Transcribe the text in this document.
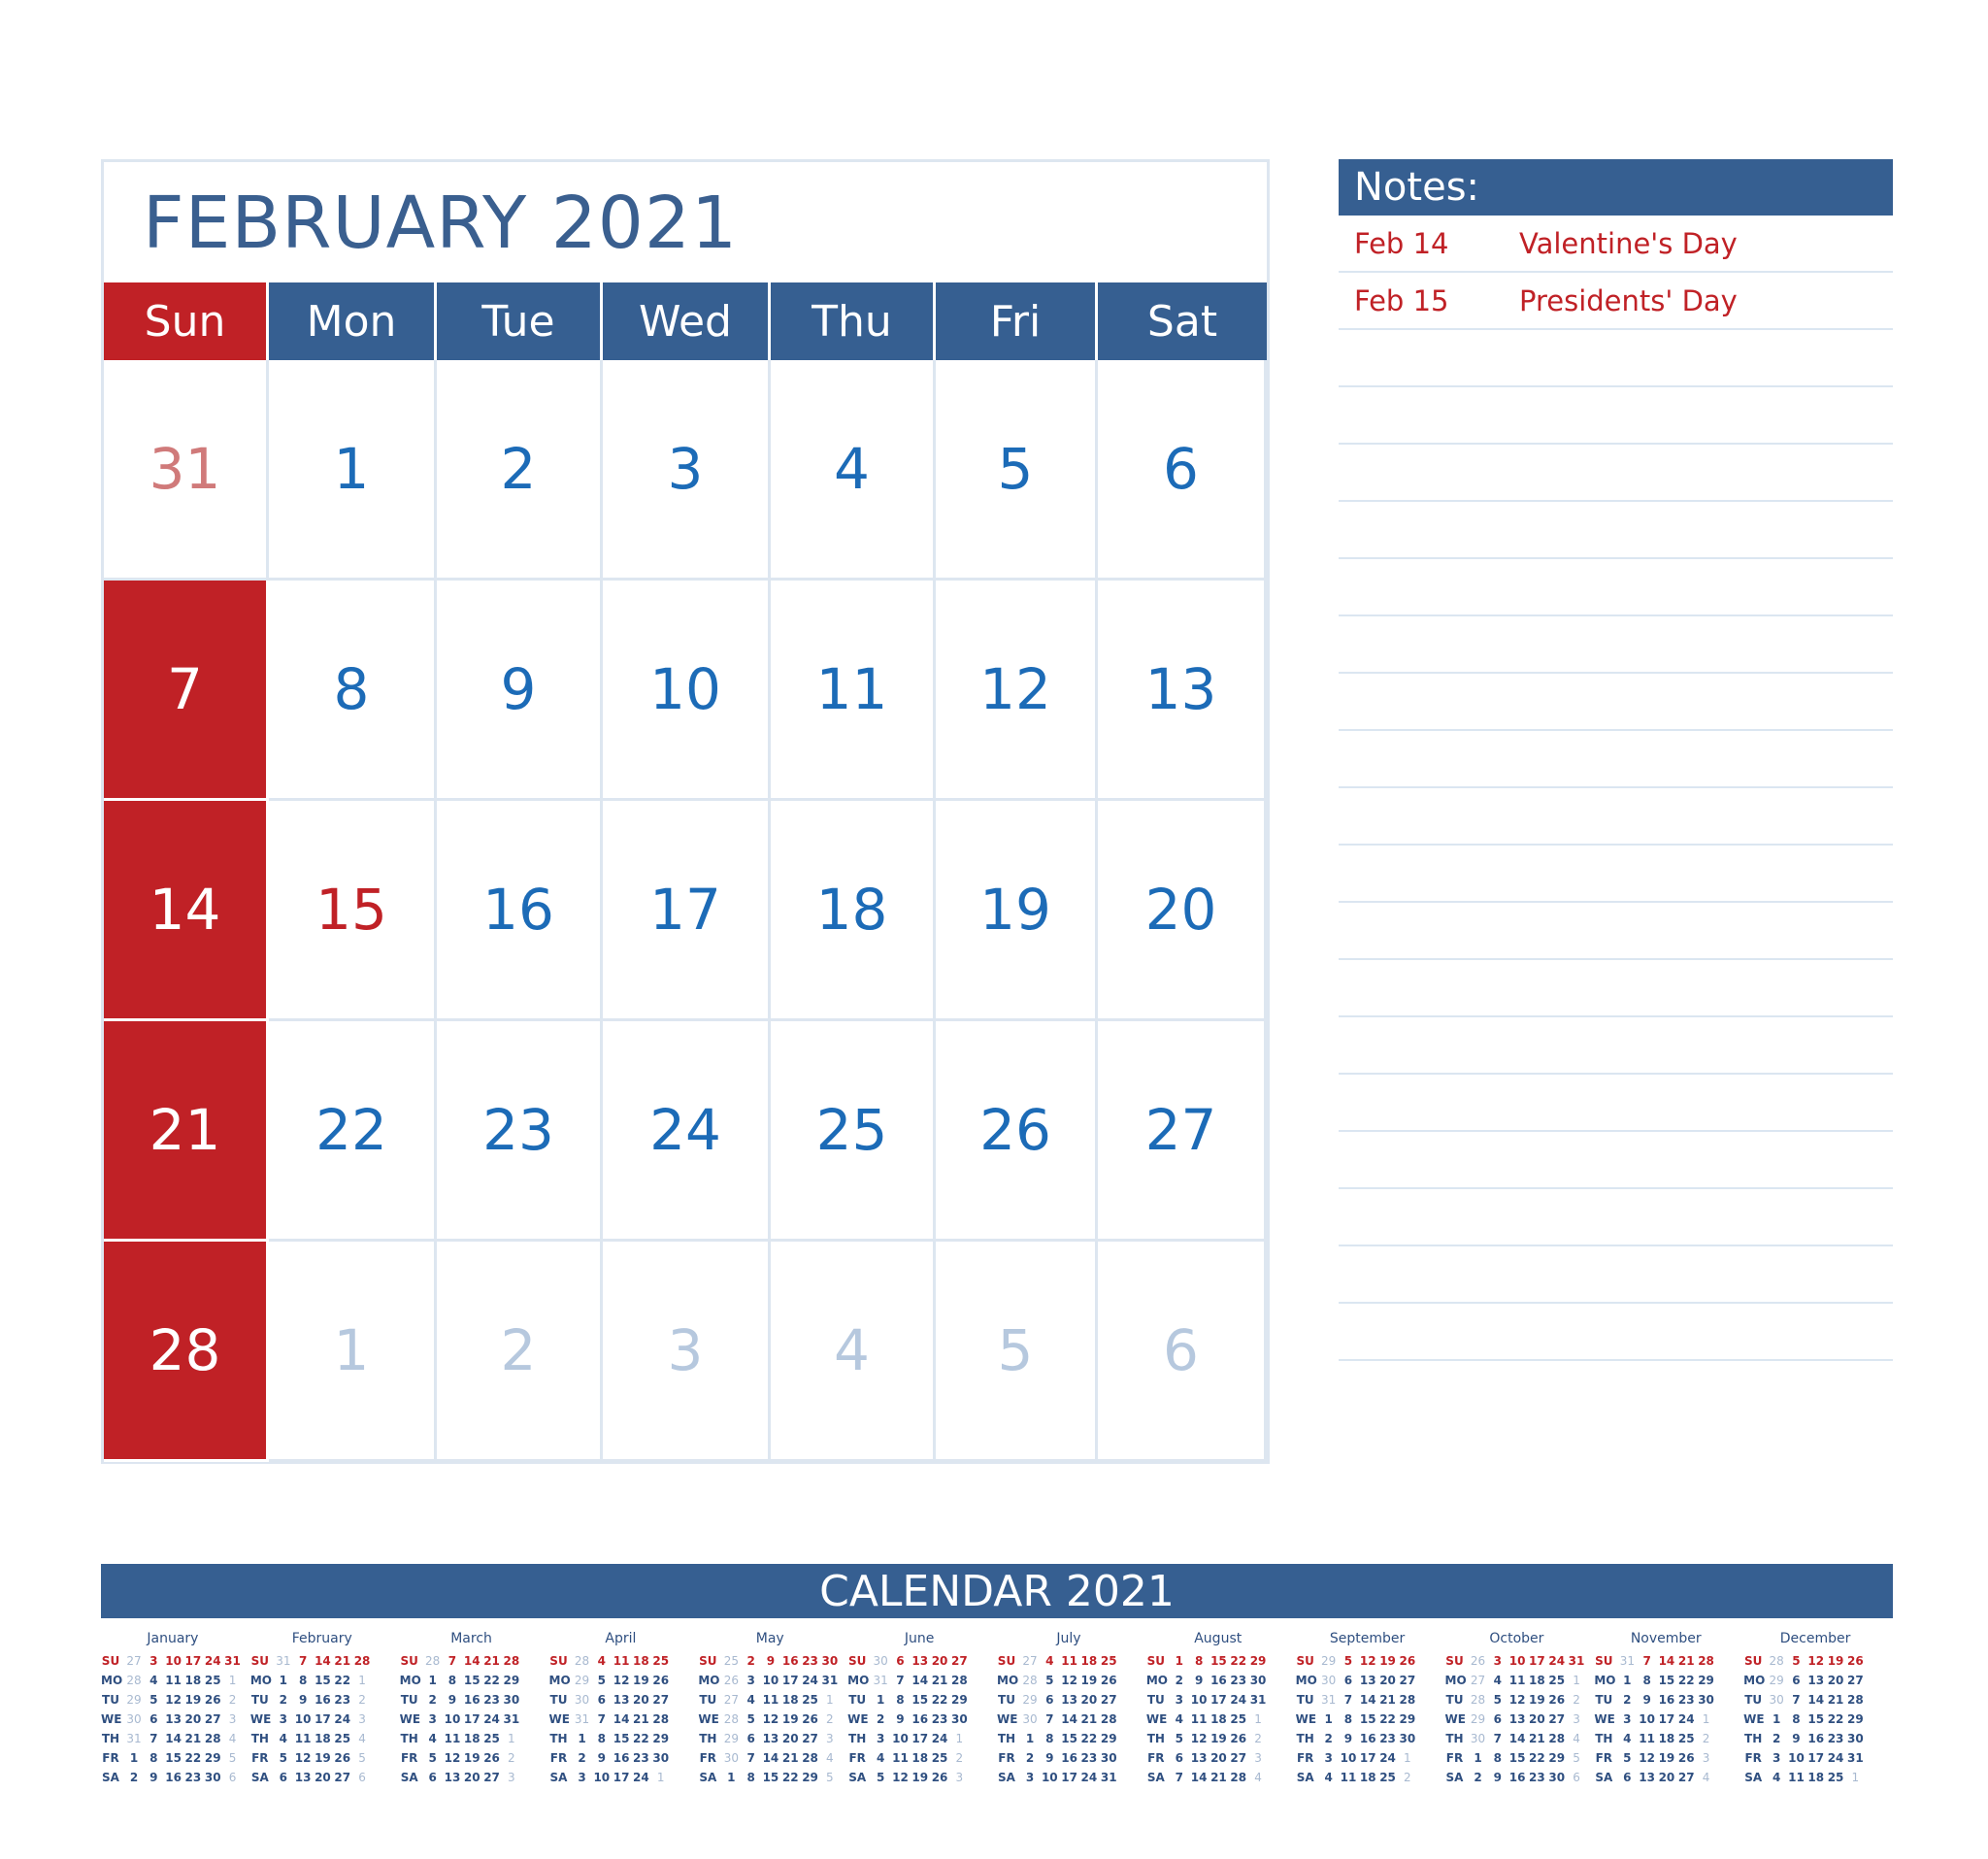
FEBRUARY 2021
Sun	Mon	Tue	Wed	Thu	Fri	Sat
31	1	2	3	4	5	6
7	8	9	10	11	12	13
14	15	16	17	18	19	20
21	22	23	24	25	26	27
28	1	2	3	4	5	6
Notes:
Feb 14	Valentine's Day
Feb 15	Presidents' Day
CALENDAR 2021
January
SU 27 3 10 17 24 31
MO 28 4 11 18 25 1
TU 29 5 12 19 26 2
WE 30 6 13 20 27 3
TH 31 7 14 21 28 4
FR 1 8 15 22 29 5
SA 2 9 16 23 30 6
February
SU 31 7 14 21 28
MO 1 8 15 22 1
TU 2 9 16 23 2
WE 3 10 17 24 3
TH 4 11 18 25 4
FR 5 12 19 26 5
SA 6 13 20 27 6
March
SU 28 7 14 21 28
MO 1 8 15 22 29
TU 2 9 16 23 30
WE 3 10 17 24 31
TH 4 11 18 25 1
FR 5 12 19 26 2
SA 6 13 20 27 3
April
SU 28 4 11 18 25
MO 29 5 12 19 26
TU 30 6 13 20 27
WE 31 7 14 21 28
TH 1 8 15 22 29
FR 2 9 16 23 30
SA 3 10 17 24 1
May
SU 25 2 9 16 23 30
MO 26 3 10 17 24 31
TU 27 4 11 18 25 1
WE 28 5 12 19 26 2
TH 29 6 13 20 27 3
FR 30 7 14 21 28 4
SA 1 8 15 22 29 5
June
SU 30 6 13 20 27
MO 31 7 14 21 28
TU 1 8 15 22 29
WE 2 9 16 23 30
TH 3 10 17 24 1
FR 4 11 18 25 2
SA 5 12 19 26 3
July
SU 27 4 11 18 25
MO 28 5 12 19 26
TU 29 6 13 20 27
WE 30 7 14 21 28
TH 1 8 15 22 29
FR 2 9 16 23 30
SA 3 10 17 24 31
August
SU 1 8 15 22 29
MO 2 9 16 23 30
TU 3 10 17 24 31
WE 4 11 18 25 1
TH 5 12 19 26 2
FR 6 13 20 27 3
SA 7 14 21 28 4
September
SU 29 5 12 19 26
MO 30 6 13 20 27
TU 31 7 14 21 28
WE 1 8 15 22 29
TH 2 9 16 23 30
FR 3 10 17 24 1
SA 4 11 18 25 2
October
SU 26 3 10 17 24 31
MO 27 4 11 18 25 1
TU 28 5 12 19 26 2
WE 29 6 13 20 27 3
TH 30 7 14 21 28 4
FR 1 8 15 22 29 5
SA 2 9 16 23 30 6
November
SU 31 7 14 21 28
MO 1 8 15 22 29
TU 2 9 16 23 30
WE 3 10 17 24 1
TH 4 11 18 25 2
FR 5 12 19 26 3
SA 6 13 20 27 4
December
SU 28 5 12 19 26
MO 29 6 13 20 27
TU 30 7 14 21 28
WE 1 8 15 22 29
TH 2 9 16 23 30
FR 3 10 17 24 31
SA 4 11 18 25 1
